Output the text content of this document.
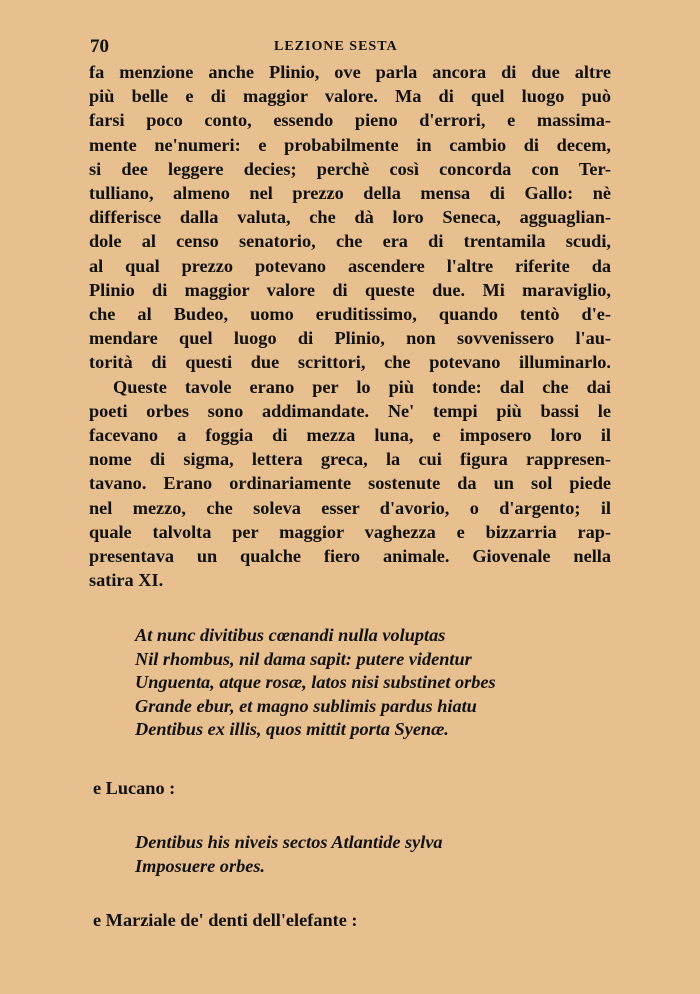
70	LEZIONE SESTA

fa menzione anche Plinio, ove parla ancora di due altre
più belle e di maggior valore. Ma di quel luogo può
farsi poco conto, essendo pieno d'errori, e massima-
mente ne'numeri: e probabilmente in cambio di decem,
si dee leggere decies; perchè così concorda con Ter-
tulliano, almeno nel prezzo della mensa di Gallo: nè
differisce dalla valuta, che dà loro Seneca, agguaglian-
dole al censo senatorio, che era di trentamila scudi,
al qual prezzo potevano ascendere l'altre riferite da
Plinio di maggior valore di queste due. Mi maraviglio,
che al Budeo, uomo eruditissimo, quando tentò d'e-
mendare quel luogo di Plinio, non sovvenissero l'au-
torità di questi due scrittori, che potevano illuminarlo.

Queste tavole erano per lo più tonde: dal che dai
poeti orbes sono addimandate. Ne' tempi più bassi le
facevano a foggia di mezza luna, e imposero loro il
nome di sigma, lettera greca, la cui figura rappresen-
tavano. Erano ordinariamente sostenute da un sol piede
nel mezzo, che soleva esser d'avorio, o d'argento; il
quale talvolta per maggior vaghezza e bizzarria rap-
presentava un qualche fiero animale. Giovenale nella
satira XI.

At nunc divitibus cœnandi nulla voluptas
Nil rhombus, nil dama sapit: putere videntur
Unguenta, atque rosæ, latos nisi substinet orbes
Grande ebur, et magno sublimis pardus hiatu
Dentibus ex illis, quos mittit porta Syenæ.
e Lucano :
Dentibus his niveis sectos Atlantide sylva
Imposuere orbes.
e Marziale de' denti dell'elefante :
